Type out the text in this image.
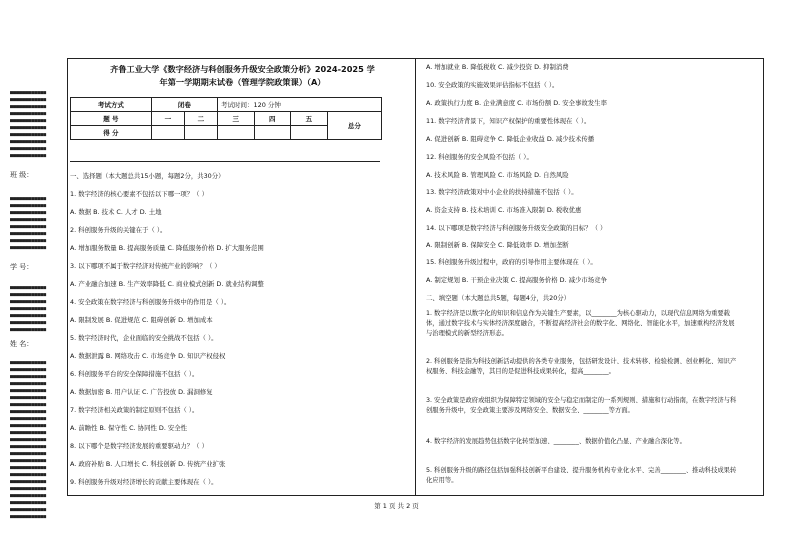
■■■■■■■■■■■■
■■■■■■■■■■■■
■■■■■■■■■■■■
■■■■■■■■■■■■
■■■■■■■■■■■■
■■■■■■■■■■■■
■■■■■■■■■■■■
■■■■■■■■■■■■
■■■■■■■■■■■■
■■■■■■■■■■■■
班 级：
■■■■■■■■■■■■
■■■■■■■■■■■■
■■■■■■■■■■■■
■■■■■■■■■■■■
■■■■■■■■■■■■
■■■■■■■■■■■■
■■■■■■■■■■■■
■■■■■■■■■■■■
学 号：
■■■■■■■■■■■■
■■■■■■■■■■■■
■■■■■■■■■■■■
■■■■■■■■■■■■
■■■■■■■■■■■■
■■■■■■■■■■■■
■■■■■■■■■■■■
姓 名：
■■■■■■■■■■■■
■■■■■■■■■■■■
■■■■■■■■■■■■
■■■■■■■■■■■■
■■■■■■■■■■■■
■■■■■■■■■■■■
■■■■■■■■■■■■
■■■■■■■■■■■■
■■■■■■■■■■■■
■■■■■■■■■■■■
■■■■■■■■■■■■
■■■■■■■■■■■■
■■■■■■■■■■■■
■■■■■■■■■■■■
■■■■■■■■■■■■
■■■■■■■■■■■■
■■■■■■■■■■■■
■■■■■■■■■■■■
■■■■■■■■■■■■
■■■■■■■■■■■■
■■■■■■■■■■■■
■■■■■■■■■■■■
■■■■■■■■■■■■
齐鲁工业大学《数字经济与科创服务升级安全政策分析》2024-2025 学
年第一学期期末试卷（管理学院政策课）（A）
考试方式	闭卷		考试时间：120 分钟			
题 号	一	二	三	四	五	总分
得 分						
一、选择题（本大题总共15小题，每题2分，共30分）
1. 数字经济的核心要素不包括以下哪一项？（ ）
A. 数据 B. 技术 C. 人才 D. 土地
2. 科创服务升级的关键在于（ ）。
A. 增加服务数量 B. 提高服务质量 C. 降低服务价格 D. 扩大服务范围
3. 以下哪项不属于数字经济对传统产业的影响？（ ）
A. 产业融合加速 B. 生产效率降低 C. 商业模式创新 D. 就业结构调整
4. 安全政策在数字经济与科创服务升级中的作用是（ ）。
A. 限制发展 B. 促进规范 C. 阻碍创新 D. 增加成本
5. 数字经济时代，企业面临的安全挑战不包括（ ）。
A. 数据泄露 B. 网络攻击 C. 市场竞争 D. 知识产权侵权
6. 科创服务平台的安全保障措施不包括（ ）。
A. 数据加密 B. 用户认证 C. 广告投放 D. 漏洞修复
7. 数字经济相关政策的制定原则不包括（ ）。
A. 前瞻性 B. 保守性 C. 协同性 D. 安全性
8. 以下哪个是数字经济发展的重要驱动力？（ ）
A. 政府补贴 B. 人口增长 C. 科技创新 D. 传统产业扩张
9. 科创服务升级对经济增长的贡献主要体现在（ ）。
A. 增加就业 B. 降低税收 C. 减少投资 D. 抑制消费
10. 安全政策的实施效果评估指标不包括（ ）。
A. 政策执行力度 B. 企业满意度 C. 市场份额 D. 安全事故发生率
11. 数字经济背景下，知识产权保护的重要性体现在（ ）。
A. 促进创新 B. 阻碍竞争 C. 降低企业收益 D. 减少技术传播
12. 科创服务的安全风险不包括（ ）。
A. 技术风险 B. 管理风险 C. 市场风险 D. 自然风险
13. 数字经济政策对中小企业的扶持措施不包括（ ）。
A. 资金支持 B. 技术培训 C. 市场准入限制 D. 税收优惠
14. 以下哪项是数字经济与科创服务升级安全政策的目标？（ ）
A. 限制创新 B. 保障安全 C. 降低效率 D. 增加垄断
15. 科创服务升级过程中，政府的引导作用主要体现在（ ）。
A. 制定规划 B. 干预企业决策 C. 提高服务价格 D. 减少市场竞争
二、填空题（本大题总共5题，每题4分，共20分）
1. 数字经济是以数字化的知识和信息作为关键生产要素，以________为核心驱动力，以现代信息网络为重要载体，通过数字技术与实体经济深度融合，不断提高经济社会的数字化、网络化、智能化水平，加速重构经济发展与治理模式的新型经济形态。
2. 科创服务是指为科技创新活动提供的各类专业服务，包括研发设计、技术转移、检验检测、创业孵化、知识产权服务、科技金融等，其目的是促进科技成果转化，提高________。
3. 安全政策是政府或组织为保障特定领域的安全与稳定而制定的一系列规则、措施和行动指南，在数字经济与科创服务升级中，安全政策主要涉及网络安全、数据安全、________等方面。
4. 数字经济的发展趋势包括数字化转型加速、________、数据价值化凸显、产业融合深化等。
5. 科创服务升级的路径包括加强科技创新平台建设、提升服务机构专业化水平、完善________、推动科技成果转化应用等。
第 1 页 共 2 页
